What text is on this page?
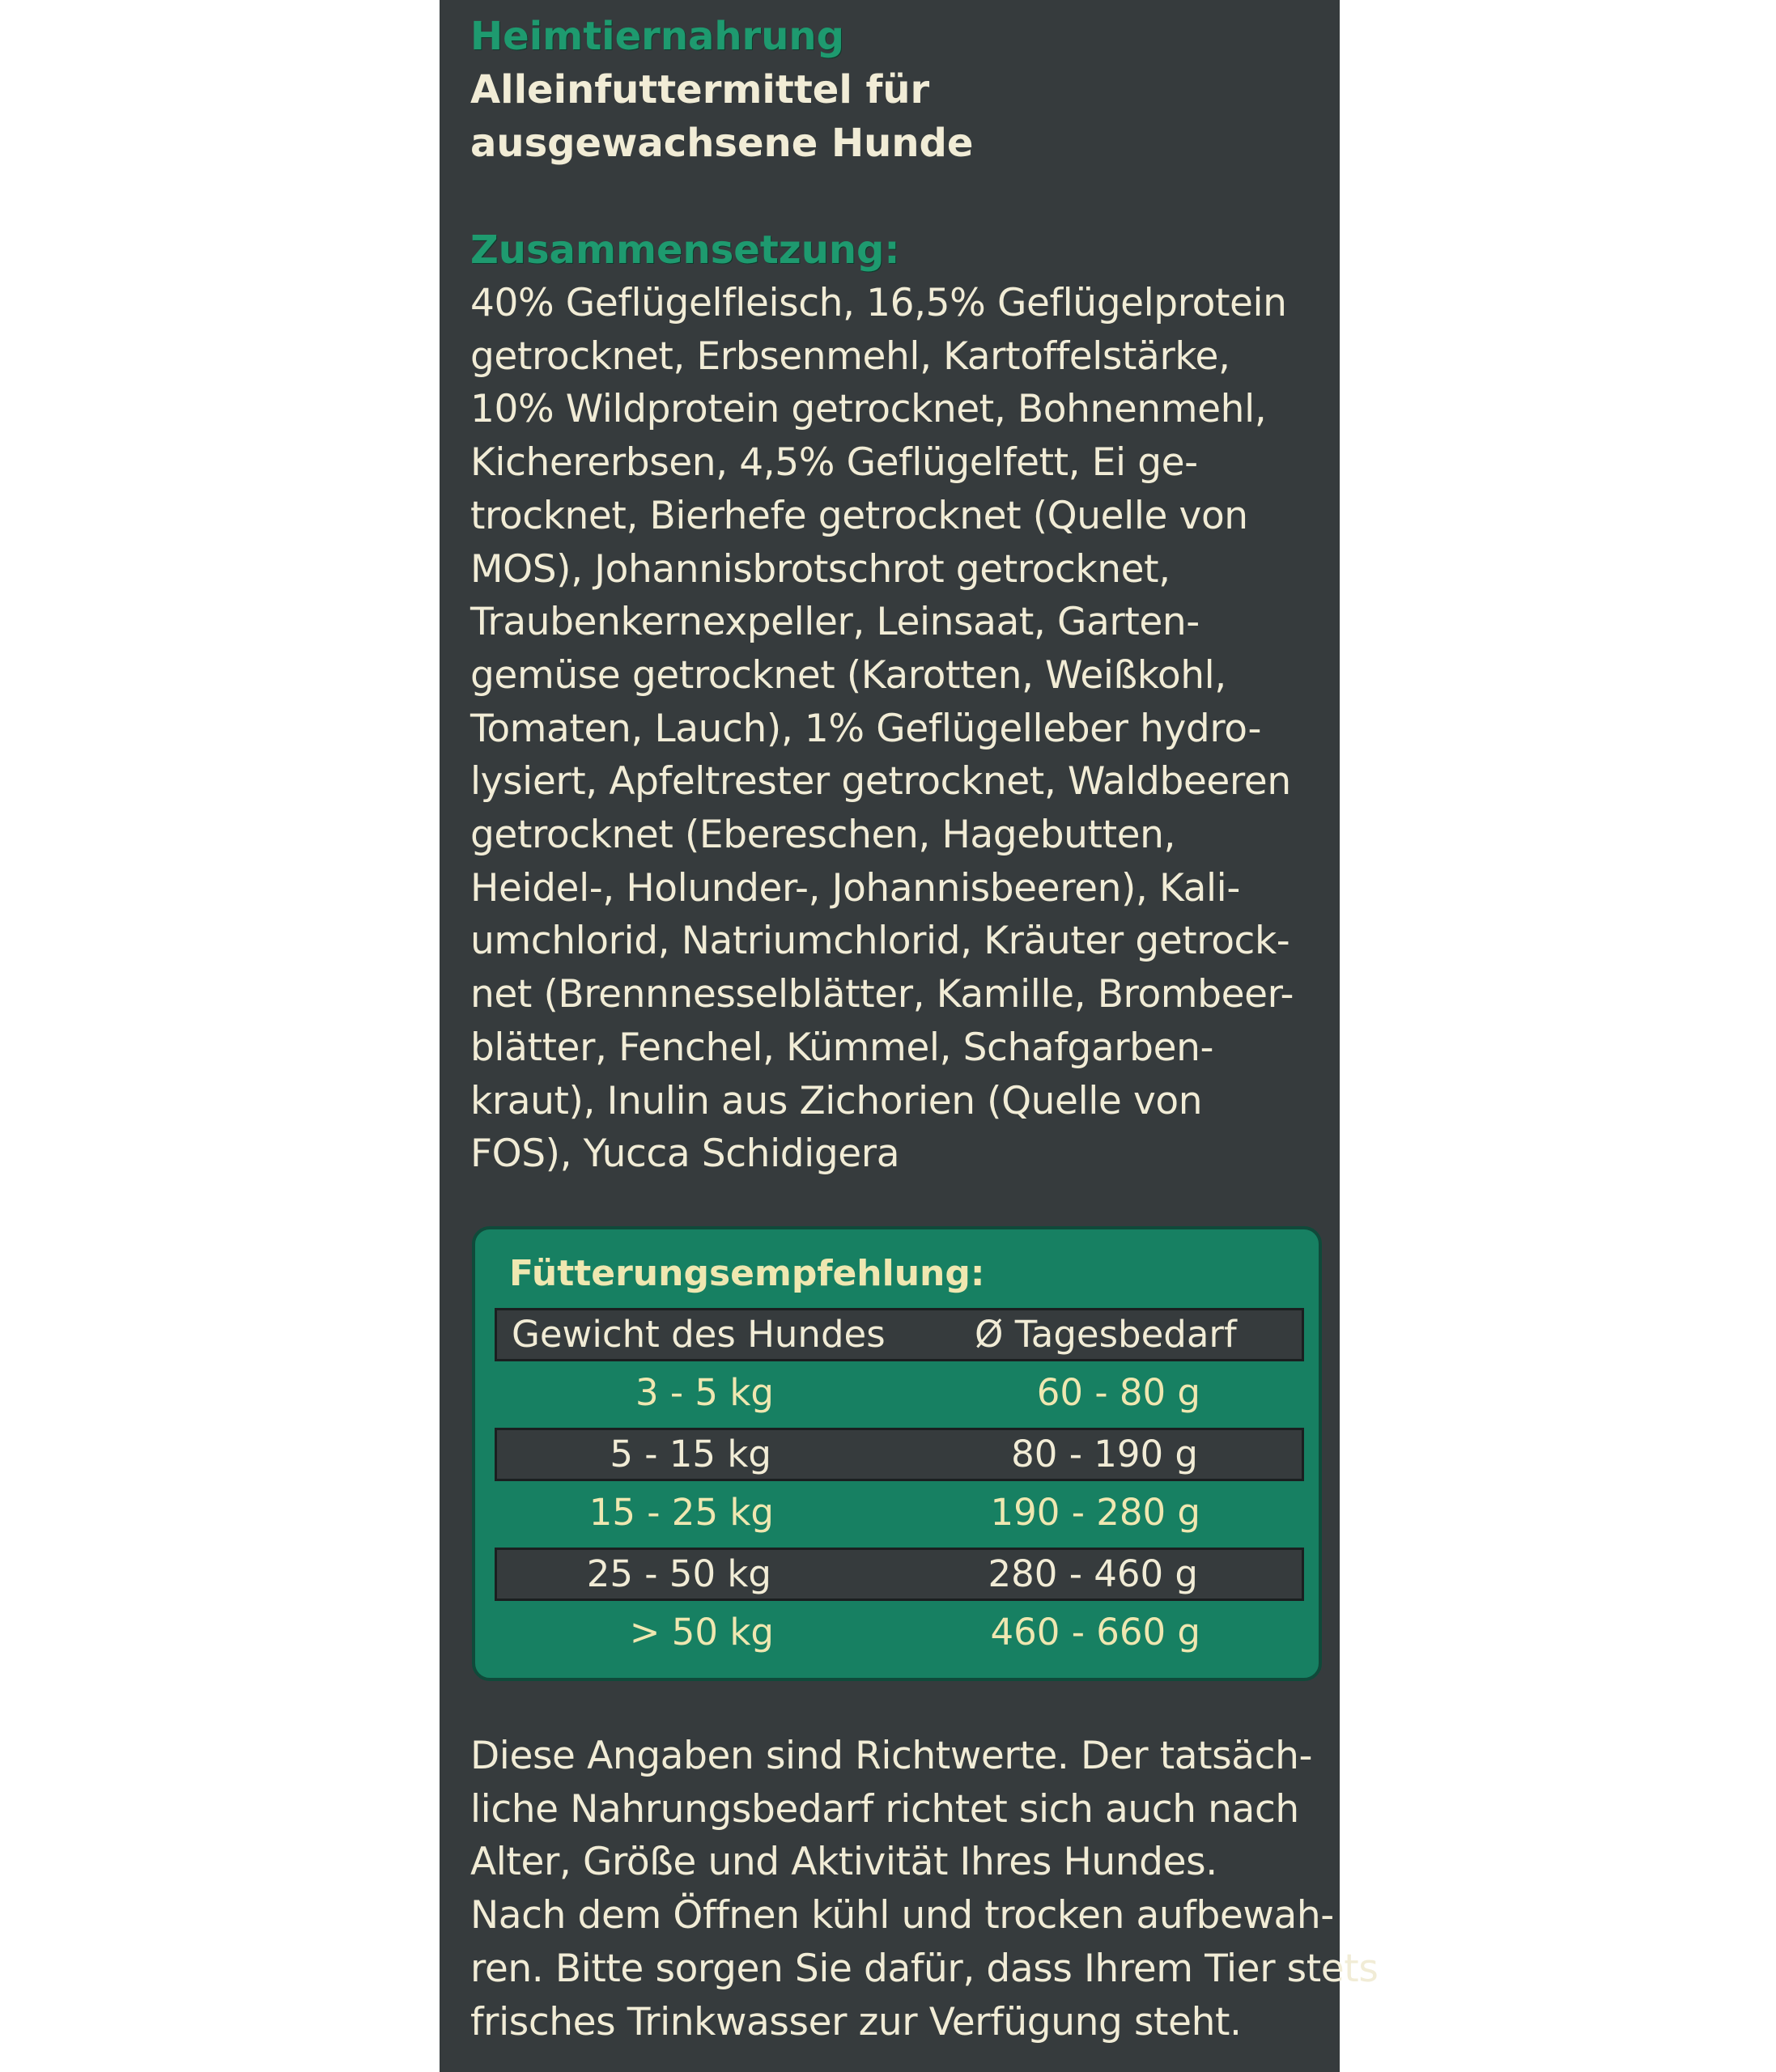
Heimtiernahrung

Alleinfuttermittel für

ausgewachsene Hunde

Zusammensetzung:

40% Geflügelfleisch, 16,5% Geflügelprotein
getrocknet, Erbsenmehl, Kartoffelstärke,
10% Wildprotein getrocknet, Bohnenmehl,
Kichererbsen, 4,5% Geflügelfett, Ei ge-
trocknet, Bierhefe getrocknet (Quelle von
MOS), Johannisbrotschrot getrocknet,
Traubenkernexpeller, Leinsaat, Garten-
gemüse getrocknet (Karotten, Weißkohl,
Tomaten, Lauch), 1% Geflügelleber hydro-
lysiert, Apfeltrester getrocknet, Waldbeeren
getrocknet (Ebereschen, Hagebutten,
Heidel-, Holunder-, Johannisbeeren), Kali-
umchlorid, Natriumchlorid, Kräuter getrock-
net (Brennnesselblätter, Kamille, Brombeer-
blätter, Fenchel, Kümmel, Schafgarben-
kraut), Inulin aus Zichorien (Quelle von
FOS), Yucca Schidigera
Fütterungsempfehlung:
Gewicht des Hundes Ø Tagesbedarf
3 - 5 kg	60 - 80 g
5 - 15 kg	80 - 190 g
15 - 25 kg	190 - 280 g
25 - 50 kg	280 - 460 g
> 50 kg	460 - 660 g
Diese Angaben sind Richtwerte. Der tatsäch-
liche Nahrungsbedarf richtet sich auch nach
Alter, Größe und Aktivität Ihres Hundes.
Nach dem Öffnen kühl und trocken aufbewah-
ren. Bitte sorgen Sie dafür, dass Ihrem Tier stets
frisches Trinkwasser zur Verfügung steht.
